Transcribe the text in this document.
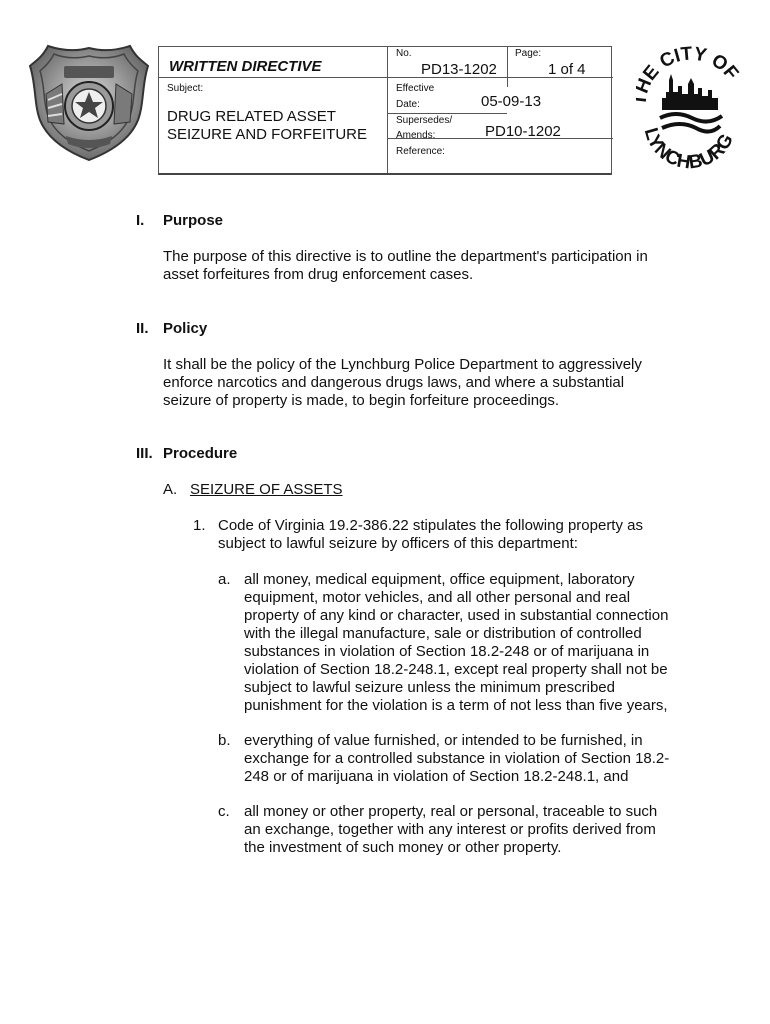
E CITY OF
LYNCHBURG
WRITTEN DIRECTIVE
No.
PD13-1202
Page:
1 of 4
Subject:
DRUG RELATED ASSET
SEIZURE AND FORFEITURE
Effective
Date:	05-09-13
Supersedes/
Amends:	PD10-1202
Reference:
I. Purpose
The purpose of this directive is to outline the department's participation in
asset forfeitures from drug enforcement cases.
II. Policy
It shall be the policy of the Lynchburg Police Department to aggressively
enforce narcotics and dangerous drugs laws, and where a substantial
seizure of property is made, to begin forfeiture proceedings.
III. Procedure
A. SEIZURE OF ASSETS
1. Code of Virginia 19.2-386.22 stipulates the following property as
subject to lawful seizure by officers of this department:
a. all money, medical equipment, office equipment, laboratory
equipment, motor vehicles, and all other personal and real
property of any kind or character, used in substantial connection
with the illegal manufacture, sale or distribution of controlled
substances in violation of Section 18.2-248 or of marijuana in
violation of Section 18.2-248.1, except real property shall not be
subject to lawful seizure unless the minimum prescribed
punishment for the violation is a term of not less than five years,
b. everything of value furnished, or intended to be furnished, in
exchange for a controlled substance in violation of Section 18.2-
248 or of marijuana in violation of Section 18.2-248.1, and
c. all money or other property, real or personal, traceable to such
an exchange, together with any interest or profits derived from
the investment of such money or other property.
